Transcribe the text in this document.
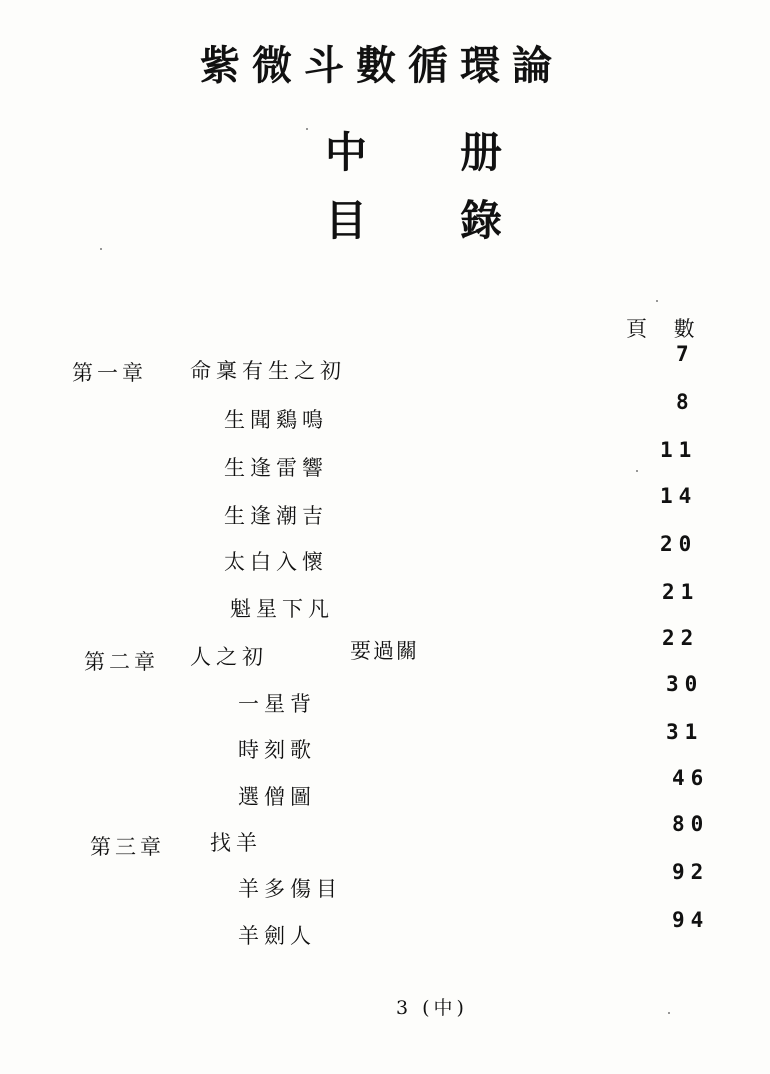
紫微斗數循環論
中 册
目 錄
頁 數
第一章 命稟有生之初
生聞鷄鳴
生逢雷響
生逢潮吉
太白入懷
魁星下凡
第二章 人之初	要過關
一星背
時刻歌
選僧圖
第三章 找羊
羊多傷目
羊劍人
7
8
11
14
20
21
22
30
31
46
80
92
94
3 (中)
